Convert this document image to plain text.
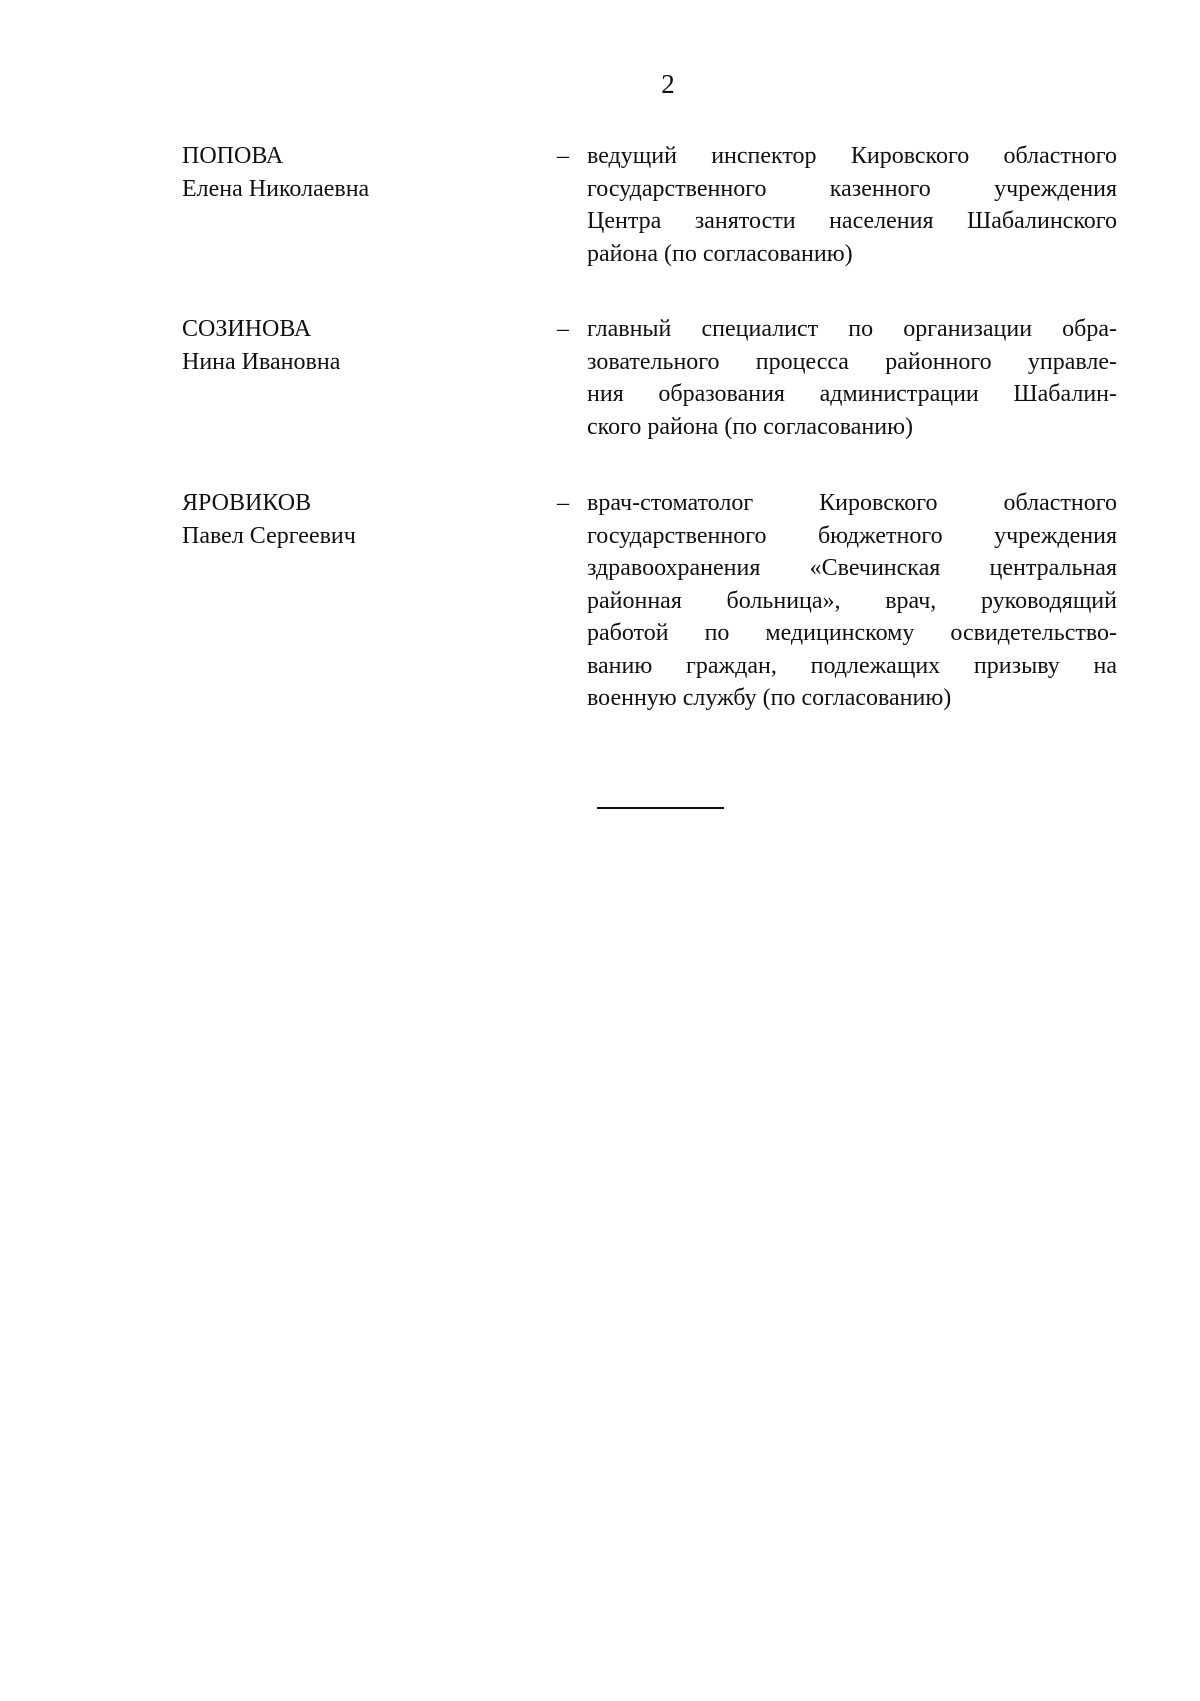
2
ПОПОВА
Елена Николаевна
– ведущий инспектор Кировского областного
государственного казенного учреждения
Центра занятости населения Шабалинского
района (по согласованию)
СОЗИНОВА
Нина Ивановна
– главный специалист по организации обра-
зовательного процесса районного управле-
ния образования администрации Шабалин-
ского района (по согласованию)
ЯРОВИКОВ
Павел Сергеевич
– врач-стоматолог Кировского областного
государственного бюджетного учреждения
здравоохранения «Свечинская центральная
районная больница», врач, руководящий
работой по медицинскому освидетельство-
ванию граждан, подлежащих призыву на
военную службу (по согласованию)
